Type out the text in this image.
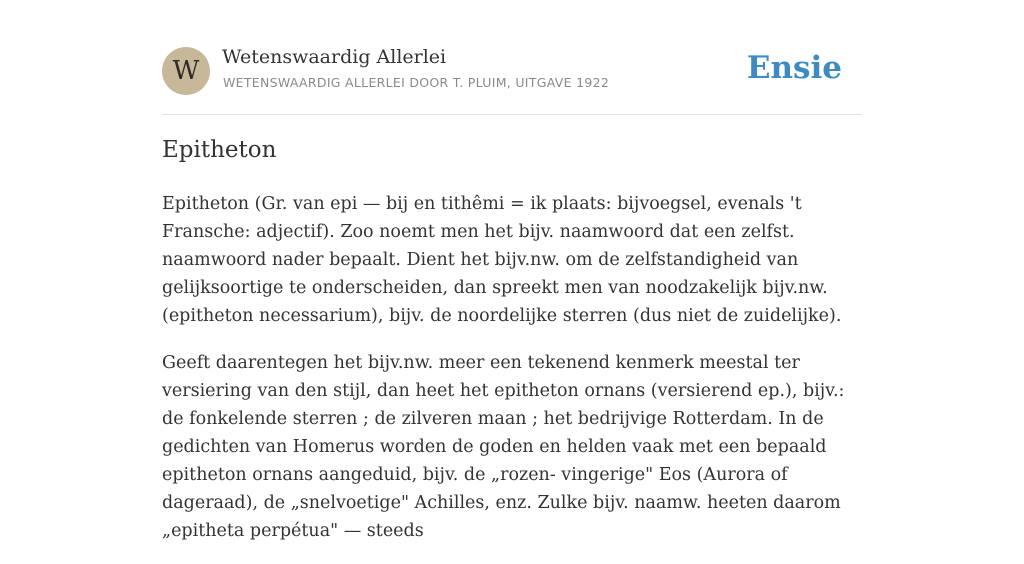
W	Wetenswaardig Allerlei
WETENSWAARDIG ALLERLEI DOOR T. PLUIM, UITGAVE 1922	Ensie
Epitheton

Epitheton (Gr. van epi — bij en tithêmi = ik plaats: bijvoegsel, evenals 't Fransche: adjectif). Zoo noemt men het bijv. naamwoord dat een zelfst. naamwoord nader bepaalt. Dient het bijv.nw. om de zelfstandigheid van gelijksoortige te onderscheiden, dan spreekt men van noodzakelijk bijv.nw. (epitheton necessarium), bijv. de noordelijke sterren (dus niet de zuidelijke).

Geeft daarentegen het bijv.nw. meer een tekenend kenmerk meestal ter versiering van den stijl, dan heet het epitheton ornans (versierend ep.), bijv.: de fonkelende sterren ; de zilveren maan ; het bedrijvige Rotterdam. In de gedichten van Homerus worden de goden en helden vaak met een bepaald epitheton ornans aangeduid, bijv. de „rozen- vingerige" Eos (Aurora of dageraad), de „snelvoetige" Achilles, enz. Zulke bijv. naamw. heeten daarom „epitheta perpétua" — steeds
